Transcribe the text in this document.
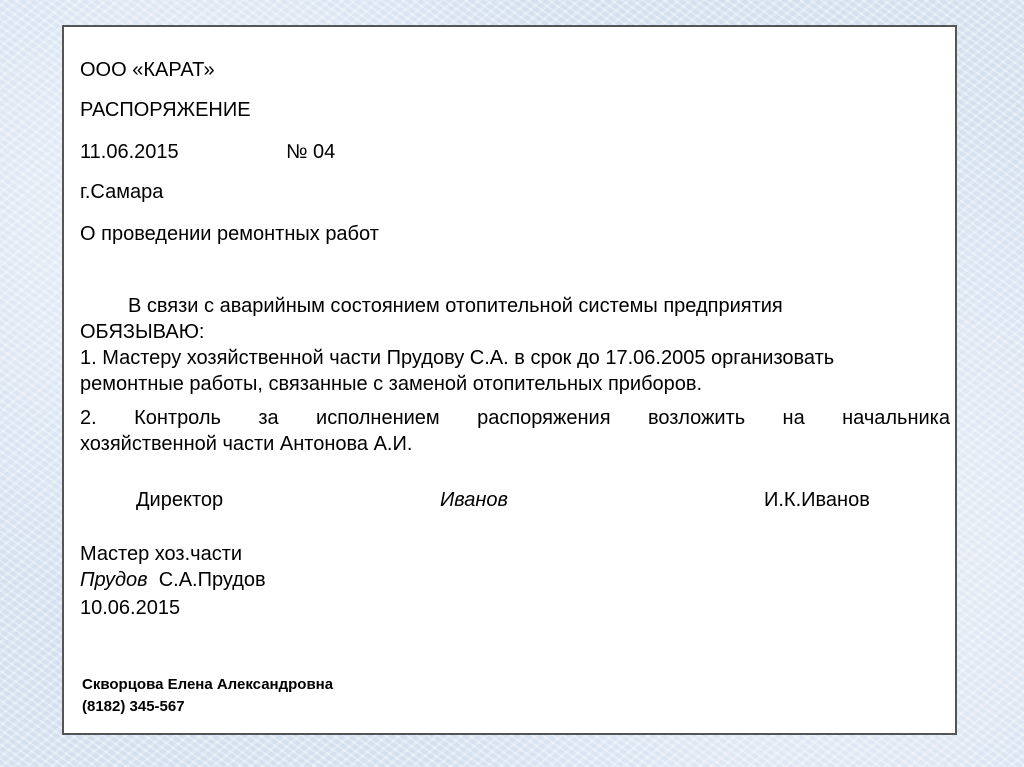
ООО «КАРАТ»
РАСПОРЯЖЕНИЕ
11.06.2015	№ 04
г.Самара
О проведении ремонтных работ
В связи с аварийным состоянием отопительной системы предприятия
ОБЯЗЫВАЮ:
1. Мастеру хозяйственной части Прудову С.А. в срок до 17.06.2005 организовать
ремонтные работы, связанные с заменой отопительных приборов.
2. Контроль за исполнением распоряжения возложить на начальника
хозяйственной части Антонова А.И.
Директор	Иванов	И.К.Иванов
Мастер хоз.части
Прудов С.А.Прудов
10.06.2015
Скворцова Елена Александровна
(8182) 345-567
